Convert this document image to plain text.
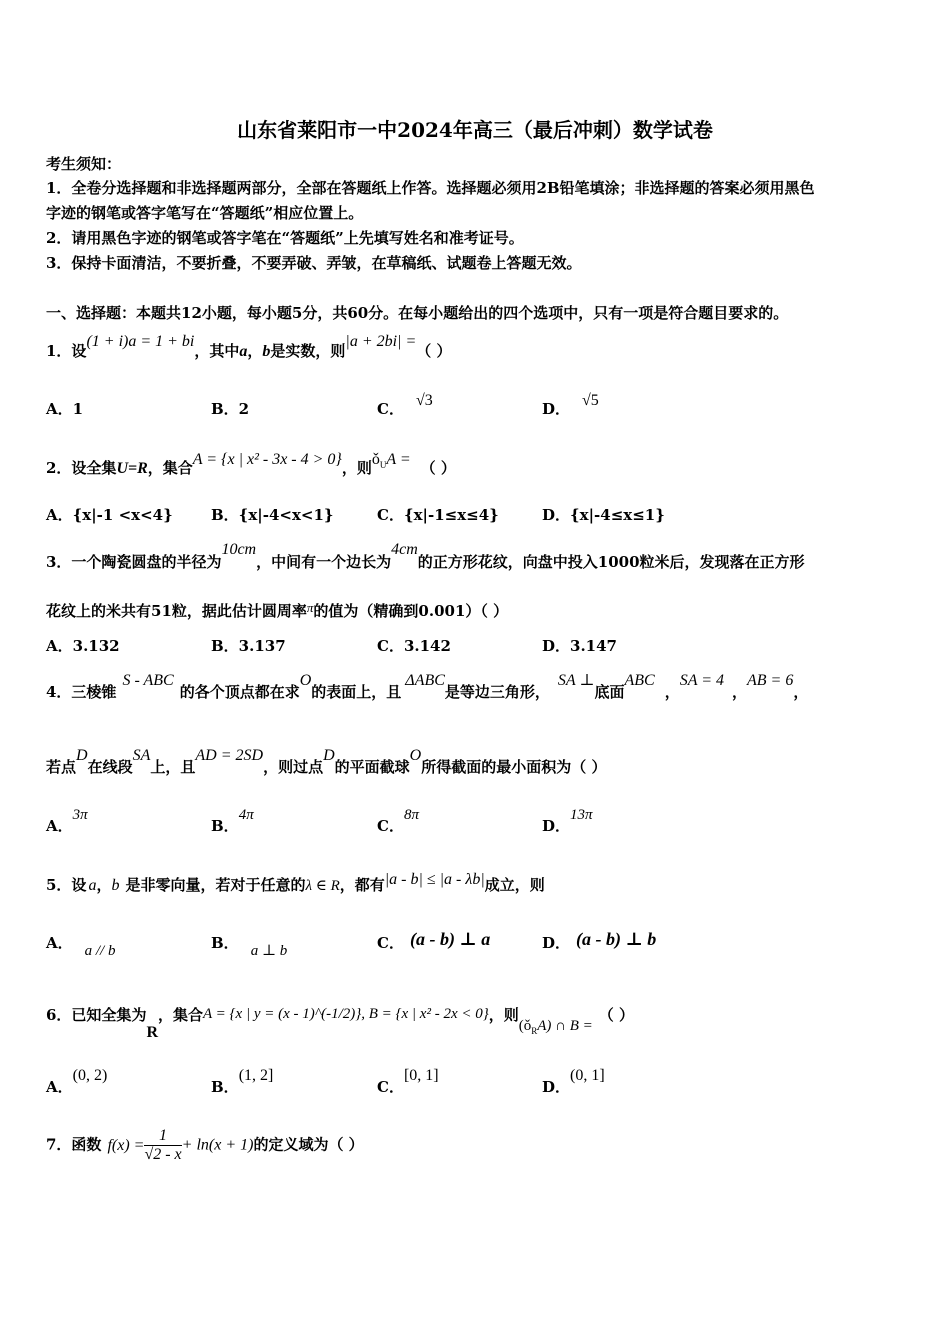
山东省莱阳市一中2024年高三（最后冲刺）数学试卷
考生须知：
1．全卷分选择题和非选择题两部分，全部在答题纸上作答。选择题必须用2B铅笔填涂；非选择题的答案必须用黑色
字迹的钢笔或答字笔写在“答题纸”相应位置上。
2．请用黑色字迹的钢笔或答字笔在“答题纸”上先填写姓名和准考证号。
3．保持卡面清洁，不要折叠，不要弄破、弄皱，在草稿纸、试题卷上答题无效。
一、选择题：本题共12小题，每小题5分，共60分。在每小题给出的四个选项中，只有一项是符合题目要求的。
1．设(1 + i)a = 1 + bi，其中a，b是实数，则|a + 2bi| =（ ）
A．1	B．2	C． √3	D． √5
2．设全集U=R，集合A = {x | x² - 3x - 4 > 0}，则$ǒ_UA$ = （ ）
A．{x|-1 <x<4}	B．{x|-4<x<1}	C．{x|-1≤x≤4}	D．{x|-4≤x≤1}
3．一个陶瓷圆盘的半径为10cm，中间有一个边长为4cm的正方形花纹，向盘中投入1000粒米后，发现落在正方形
花纹上的米共有51粒，据此估计圆周率π的值为（精确到0.001）（ ）
A．3.132	B．3.137	C．3.142	D．3.147
4．三棱锥S - ABC的各个顶点都在求O的表面上，且ΔABC是等边三角形，SA ⊥底面ABC，SA = 4，AB = 6，
若点D在线段SA上，且AD = 2SD，则过点D的平面截球O所得截面的最小面积为（ ）
A．3π
B．4π
C．8π
D．13π
5．设 a，b 是非零向量，若对于任意的λ ∈ R，都有|a - b| ≤ |a - λb|成立，则
A． a // b	B． a ⊥ b	C． (a - b) ⊥ a	D． (a - b) ⊥ b
6．已知全集为R，集合A = {x | y = (x - 1)^(-1/2)}, B = {x | x² - 2x < 0}，则$(ǒ_RA)$ ∩ B =（ ）
A．(0, 2)
B．(1, 2]
C．[0, 1]
D．(0, 1]
7．函数 $f(x) = \frac{1}{√2 - x} + \ln(x + 1)$的定义域为（ ）
